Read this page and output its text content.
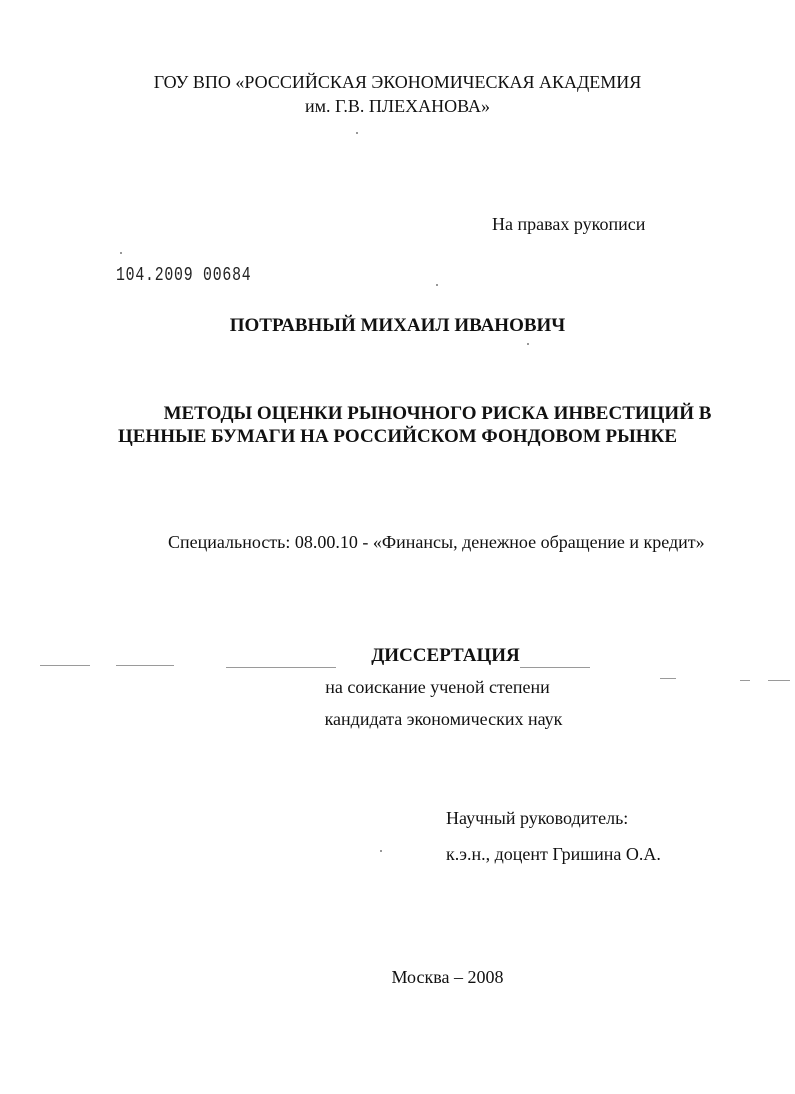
ГОУ ВПО «РОССИЙСКАЯ ЭКОНОМИЧЕСКАЯ АКАДЕМИЯ
им. Г.В. ПЛЕХАНОВА»
На правах рукописи
104.2009 00684
ПОТРАВНЫЙ МИХАИЛ ИВАНОВИЧ
МЕТОДЫ ОЦЕНКИ РЫНОЧНОГО РИСКА ИНВЕСТИЦИЙ В
ЦЕННЫЕ БУМАГИ НА РОССИЙСКОМ ФОНДОВОМ РЫНКЕ
Специальность: 08.00.10 - «Финансы, денежное обращение и кредит»
ДИССЕРТАЦИЯ
на соискание ученой степени
кандидата экономических наук
Научный руководитель:
к.э.н., доцент Гришина О.А.
Москва – 2008
